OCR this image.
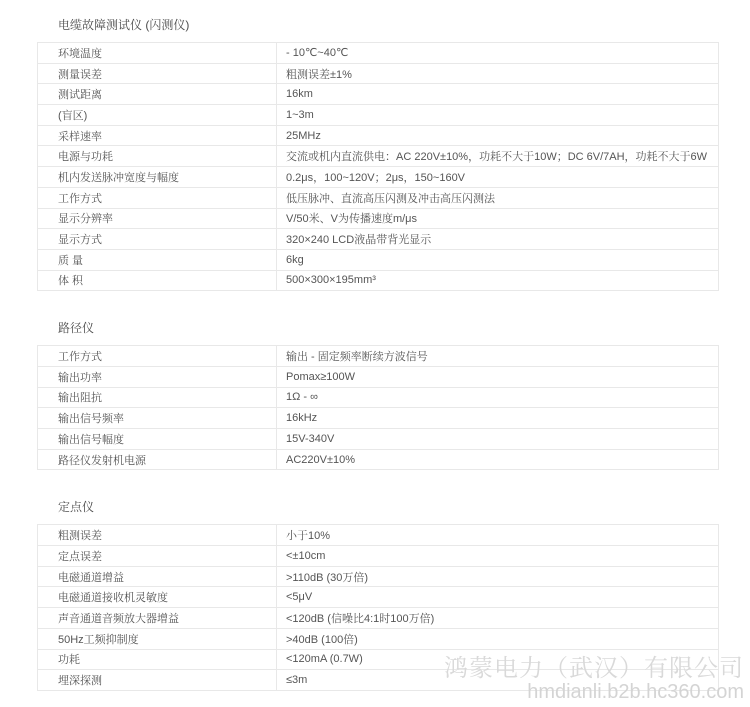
电缆故障测试仪 (闪测仪)
环境温度	- 10℃~40℃
测量误差	粗测误差±1%
测试距离	16km
(盲区)	1~3m
采样速率	25MHz
电源与功耗	交流或机内直流供电：AC 220V±10%，功耗不大于10W；DC 6V/7AH，功耗不大于6W
机内发送脉冲宽度与幅度	0.2μs，100~120V；2μs，150~160V
工作方式	低压脉冲、直流高压闪测及冲击高压闪测法
显示分辨率	V/50米、V为传播速度m/μs
显示方式	320×240 LCD液晶带背光显示
质 量	6kg
体 积	500×300×195mm³
路径仪
工作方式	输出 - 固定频率断续方波信号
输出功率	Pomax≥100W
输出阻抗	1Ω - ∞
输出信号频率	16kHz
输出信号幅度	15V-340V
路径仪发射机电源	AC220V±10%
定点仪
粗测误差	小于10%
定点误差	<±10cm
电磁通道增益	>110dB (30万倍)
电磁通道接收机灵敏度	<5μV
声音通道音频放大器增益	<120dB (信噪比4:1时100万倍)
50Hz工频抑制度	>40dB (100倍)
功耗	<120mA (0.7W)
埋深探测	≤3m	鸿蒙电力（武汉）有限公司
hmdianli.b2b.hc360.com
